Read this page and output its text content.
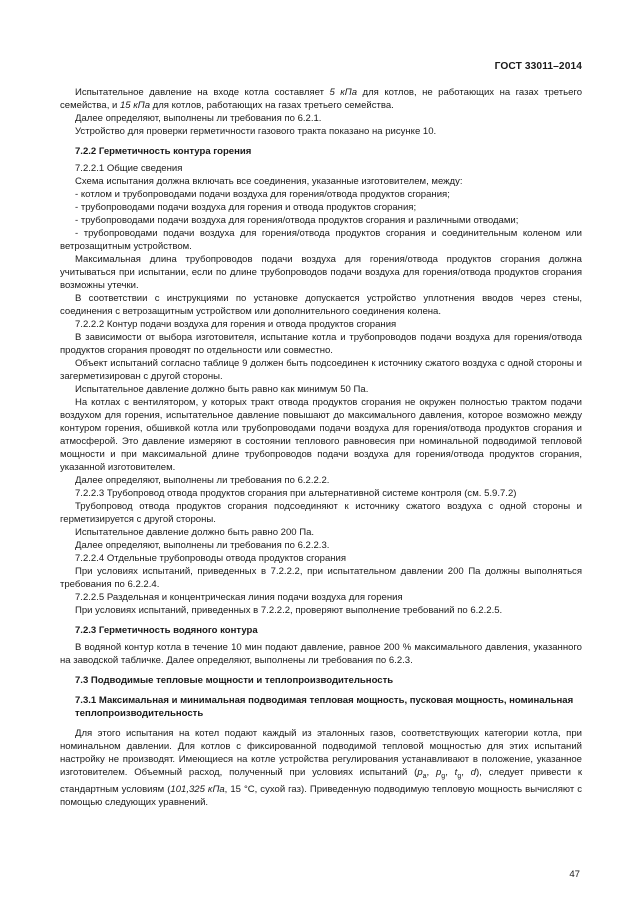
ГОСТ 33011–2014
Испытательное давление на входе котла составляет 5 кПа для котлов, не работающих на газах третьего семейства, и 15 кПа для котлов, работающих на газах третьего семейства.
Далее определяют, выполнены ли требования по 6.2.1.
Устройство для проверки герметичности газового тракта показано на рисунке 10.
7.2.2 Герметичность контура горения
7.2.2.1 Общие сведения
Схема испытания должна включать все соединения, указанные изготовителем, между:
- котлом и трубопроводами подачи воздуха для горения/отвода продуктов сгорания;
- трубопроводами подачи воздуха для горения и отвода продуктов сгорания;
- трубопроводами подачи воздуха для горения/отвода продуктов сгорания и различными отводами;
- трубопроводами подачи воздуха для горения/отвода продуктов сгорания и соединительным коленом или ветрозащитным устройством.
Максимальная длина трубопроводов подачи воздуха для горения/отвода продуктов сгорания должна учитываться при испытании, если по длине трубопроводов подачи воздуха для горения/отвода продуктов сгорания возможны утечки.
В соответствии с инструкциями по установке допускается устройство уплотнения вводов через стены, соединения с ветрозащитным устройством или дополнительного соединения колена.
7.2.2.2 Контур подачи воздуха для горения и отвода продуктов сгорания
В зависимости от выбора изготовителя, испытание котла и трубопроводов подачи воздуха для горения/отвода продуктов сгорания проводят по отдельности или совместно.
Объект испытаний согласно таблице 9 должен быть подсоединен к источнику сжатого воздуха с одной стороны и загерметизирован с другой стороны.
Испытательное давление должно быть равно как минимум 50 Па.
На котлах с вентилятором, у которых тракт отвода продуктов сгорания не окружен полностью трактом подачи воздухом для горения, испытательное давление повышают до максимального давления, которое возможно между контуром горения, обшивкой котла или трубопроводами подачи воздуха для горения/отвода продуктов сгорания и атмосферой. Это давление измеряют в состоянии теплового равновесия при номинальной подводимой тепловой мощности и при максимальной длине трубопроводов подачи воздуха для горения/отвода продуктов сгорания, указанной изготовителем.
Далее определяют, выполнены ли требования по 6.2.2.2.
7.2.2.3 Трубопровод отвода продуктов сгорания при альтернативной системе контроля (см. 5.9.7.2)
Трубопровод отвода продуктов сгорания подсоединяют к источнику сжатого воздуха с одной стороны и герметизируется с другой стороны.
Испытательное давление должно быть равно 200 Па.
Далее определяют, выполнены ли требования по 6.2.2.3.
7.2.2.4 Отдельные трубопроводы отвода продуктов сгорания
При условиях испытаний, приведенных в 7.2.2.2, при испытательном давлении 200 Па должны выполняться требования по 6.2.2.4.
7.2.2.5 Раздельная и концентрическая линия подачи воздуха для горения
При условиях испытаний, приведенных в 7.2.2.2, проверяют выполнение требований по 6.2.2.5.
7.2.3 Герметичность водяного контура
В водяной контур котла в течение 10 мин подают давление, равное 200 % максимального давления, указанного на заводской табличке. Далее определяют, выполнены ли требования по 6.2.3.
7.3 Подводимые тепловые мощности и теплопроизводительность
7.3.1 Максимальная и минимальная подводимая тепловая мощность, пусковая мощность, номинальная теплопроизводительность
Для этого испытания на котел подают каждый из эталонных газов, соответствующих категории котла, при номинальном давлении. Для котлов с фиксированной подводимой тепловой мощностью для этих испытаний настройку не производят. Имеющиеся на котле устройства регулирования устанавливают в положение, указанное изготовителем. Объемный расход, полученный при условиях испытаний ($p_a$, $p_g$, $t_g$, d), следует привести к стандартным условиям (101,325 кПа, 15 °С, сухой газ). Приведенную подводимую тепловую мощность вычисляют с помощью следующих уравнений.
47
